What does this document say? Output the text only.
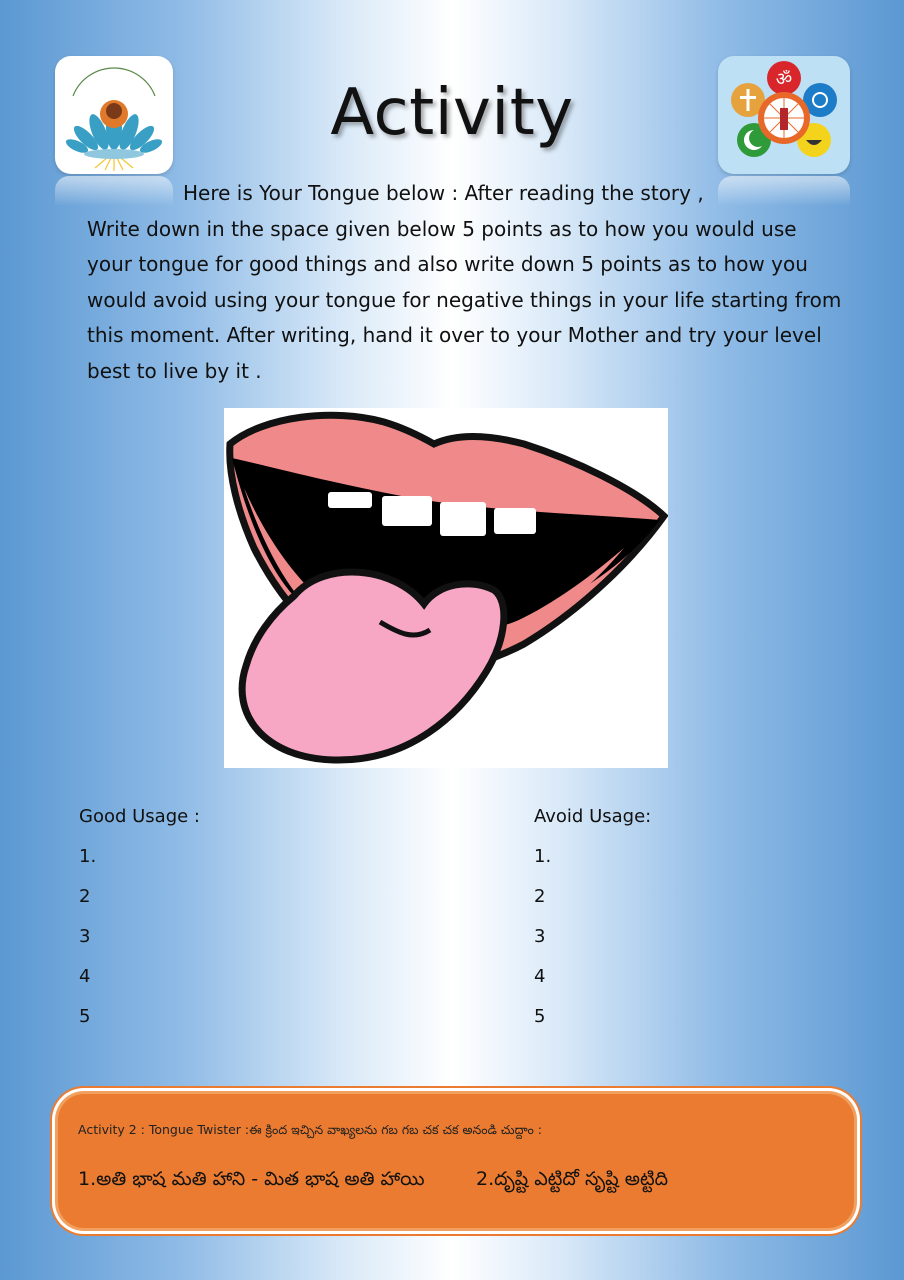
ॐ
Activity

Here is Your Tongue below : After reading the story ,
Write down in the space given below 5 points as to how you would use your tongue for good things and also write down 5 points as to how you would avoid using your tongue for negative things in your life starting from this moment. After writing, hand it over to your Mother and try your level best to live by it .

Good Usage :
1.
2
3
4
5
Avoid Usage:
1.
2
3
4
5
Activity 2 : Tongue Twister :ఈ క్రింద ఇచ్చిన వాఖ్యలను గబ గబ చక చక అనండి చుద్దాం :
1.అతి భాష మతి హాని - మిత భాష అతి హాయి	2.దృష్టి ఎట్టిదో సృష్టి అట్టిది
